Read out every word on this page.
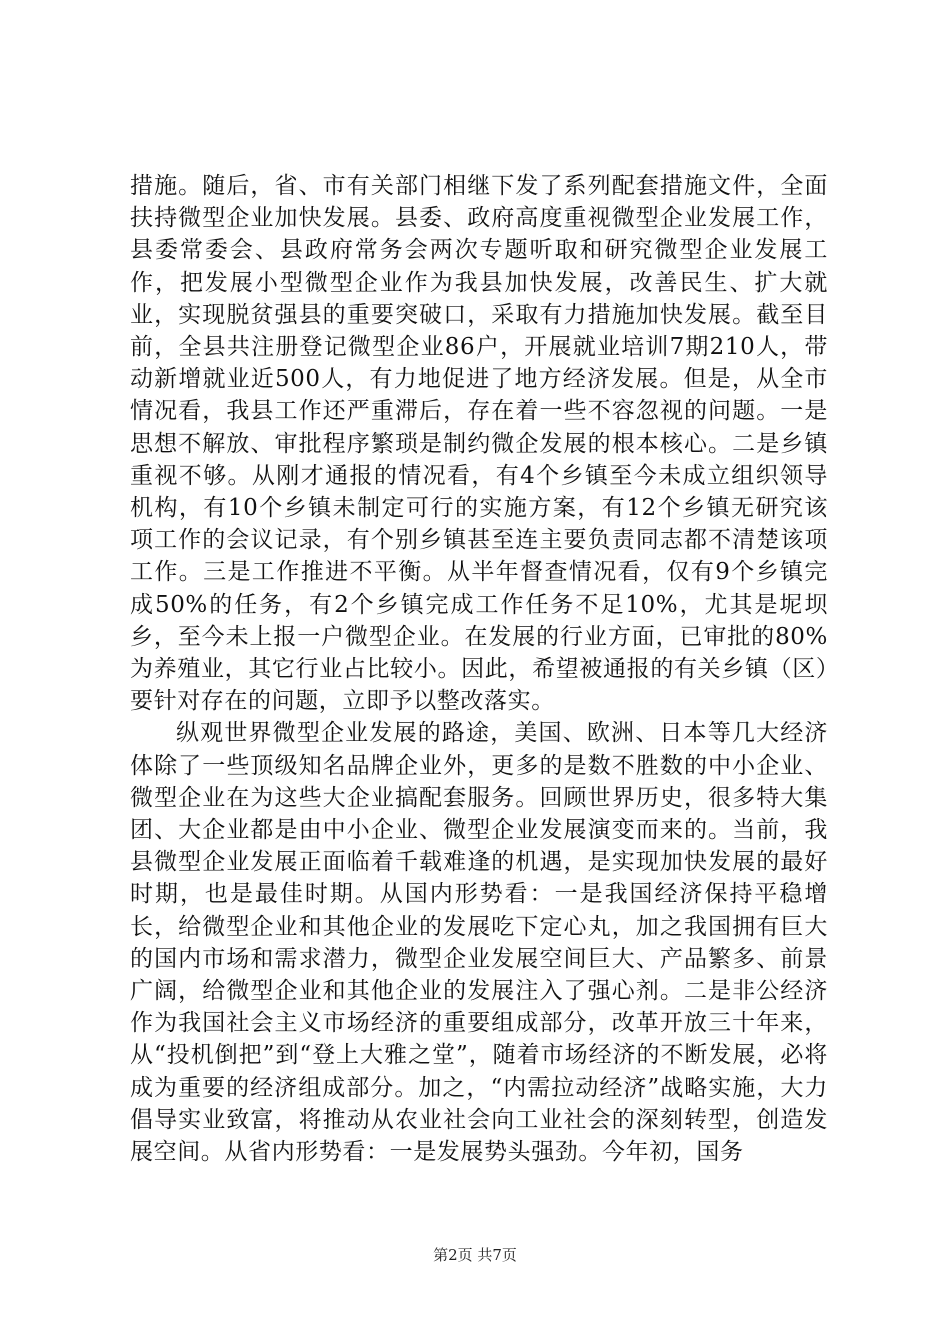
措施。随后，省、市有关部门相继下发了系列配套措施文件，全面扶持微型企业加快发展。县委、政府高度重视微型企业发展工作，县委常委会、县政府常务会两次专题听取和研究微型企业发展工作，把发展小型微型企业作为我县加快发展，改善民生、扩大就业，实现脱贫强县的重要突破口，采取有力措施加快发展。截至目前，全县共注册登记微型企业86户，开展就业培训7期210人，带动新增就业近500人，有力地促进了地方经济发展。但是，从全市情况看，我县工作还严重滞后，存在着一些不容忽视的问题。一是思想不解放、审批程序繁琐是制约微企发展的根本核心。二是乡镇重视不够。从刚才通报的情况看，有4个乡镇至今未成立组织领导机构，有10个乡镇未制定可行的实施方案，有12个乡镇无研究该项工作的会议记录，有个别乡镇甚至连主要负责同志都不清楚该项工作。三是工作推进不平衡。从半年督查情况看，仅有9个乡镇完成50%的任务，有2个乡镇完成工作任务不足10%，尤其是坭坝乡，至今未上报一户微型企业。在发展的行业方面，已审批的80%为养殖业，其它行业占比较小。因此，希望被通报的有关乡镇（区）要针对存在的问题，立即予以整改落实。

纵观世界微型企业发展的路途，美国、欧洲、日本等几大经济体除了一些顶级知名品牌企业外，更多的是数不胜数的中小企业、微型企业在为这些大企业搞配套服务。回顾世界历史，很多特大集团、大企业都是由中小企业、微型企业发展演变而来的。当前，我县微型企业发展正面临着千载难逢的机遇，是实现加快发展的最好时期，也是最佳时期。从国内形势看：一是我国经济保持平稳增长，给微型企业和其他企业的发展吃下定心丸，加之我国拥有巨大的国内市场和需求潜力，微型企业发展空间巨大、产品繁多、前景广阔，给微型企业和其他企业的发展注入了强心剂。二是非公经济作为我国社会主义市场经济的重要组成部分，改革开放三十年来，从“投机倒把”到“登上大雅之堂”，随着市场经济的不断发展，必将成为重要的经济组成部分。加之，“内需拉动经济”战略实施，大力倡导实业致富，将推动从农业社会向工业社会的深刻转型，创造发展空间。从省内形势看：一是发展势头强劲。今年初，国务

第2页 共7页
